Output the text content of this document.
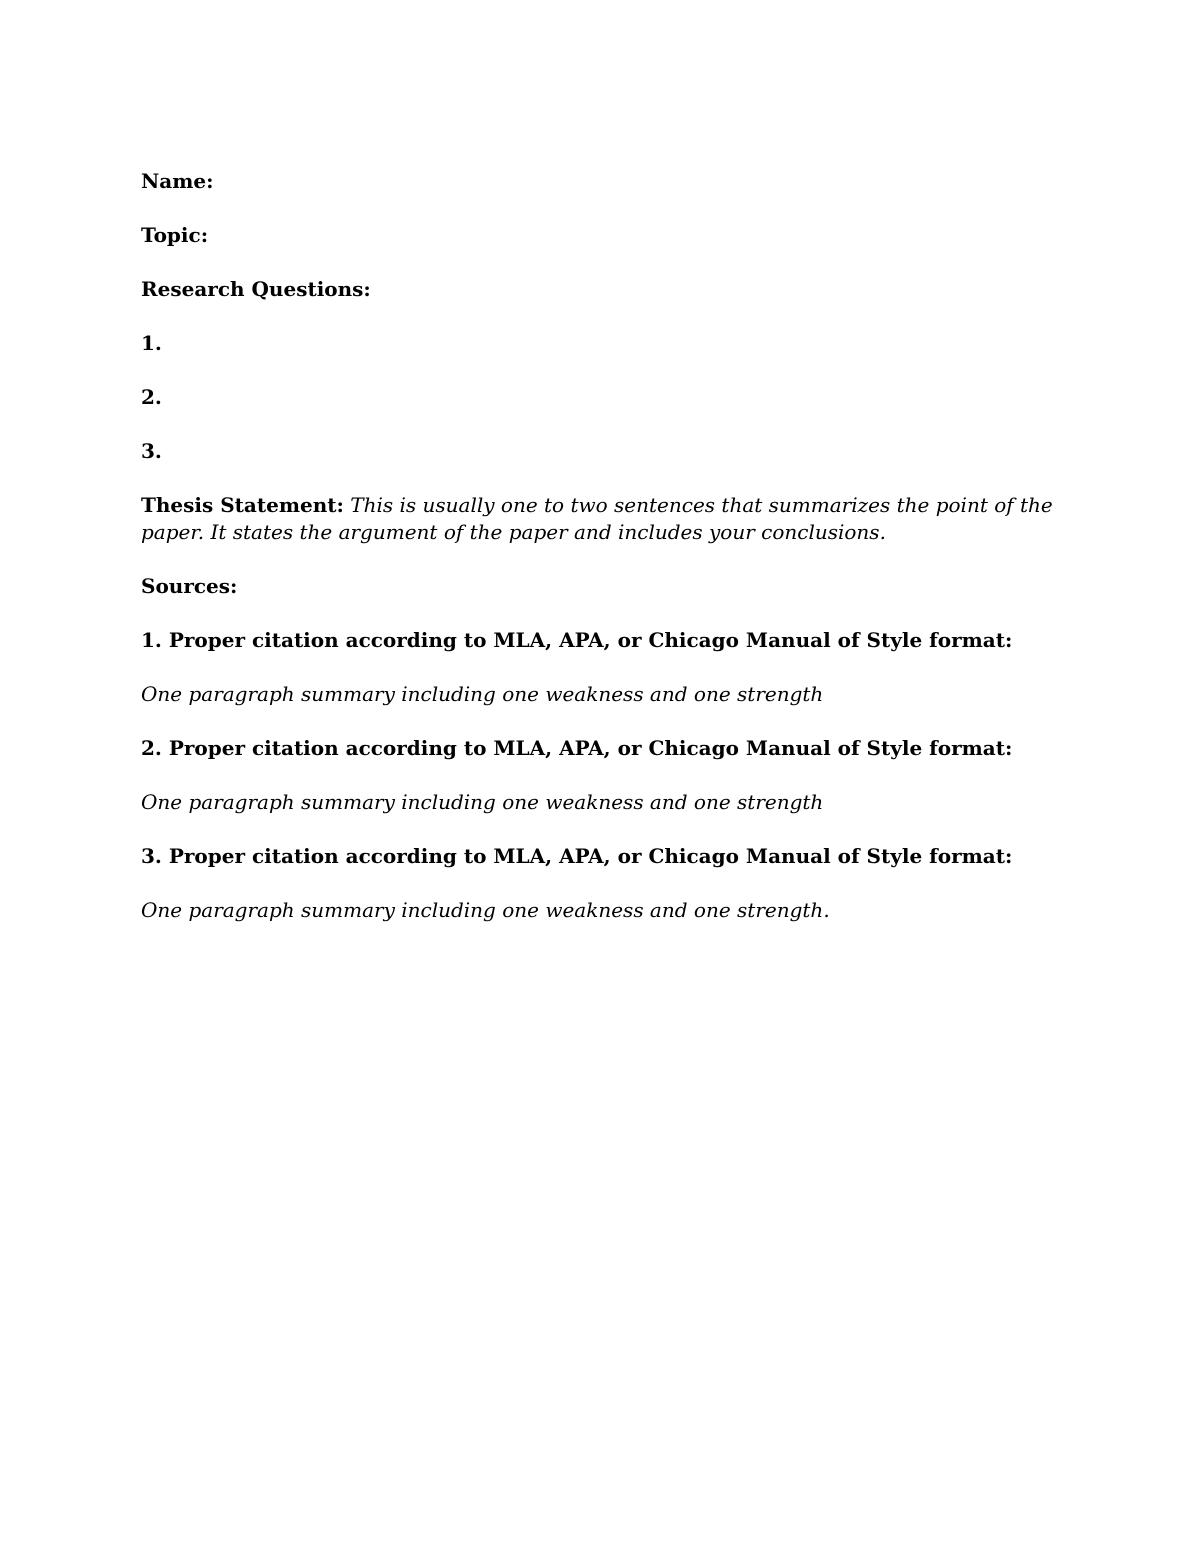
Name:

Topic:

Research Questions:

1.

2.

3.

Thesis Statement: This is usually one to two sentences that summarizes the point of the paper. It states the argument of the paper and includes your conclusions.

Sources:

1. Proper citation according to MLA, APA, or Chicago Manual of Style format:

One paragraph summary including one weakness and one strength

2. Proper citation according to MLA, APA, or Chicago Manual of Style format:

One paragraph summary including one weakness and one strength

3. Proper citation according to MLA, APA, or Chicago Manual of Style format:

One paragraph summary including one weakness and one strength.
